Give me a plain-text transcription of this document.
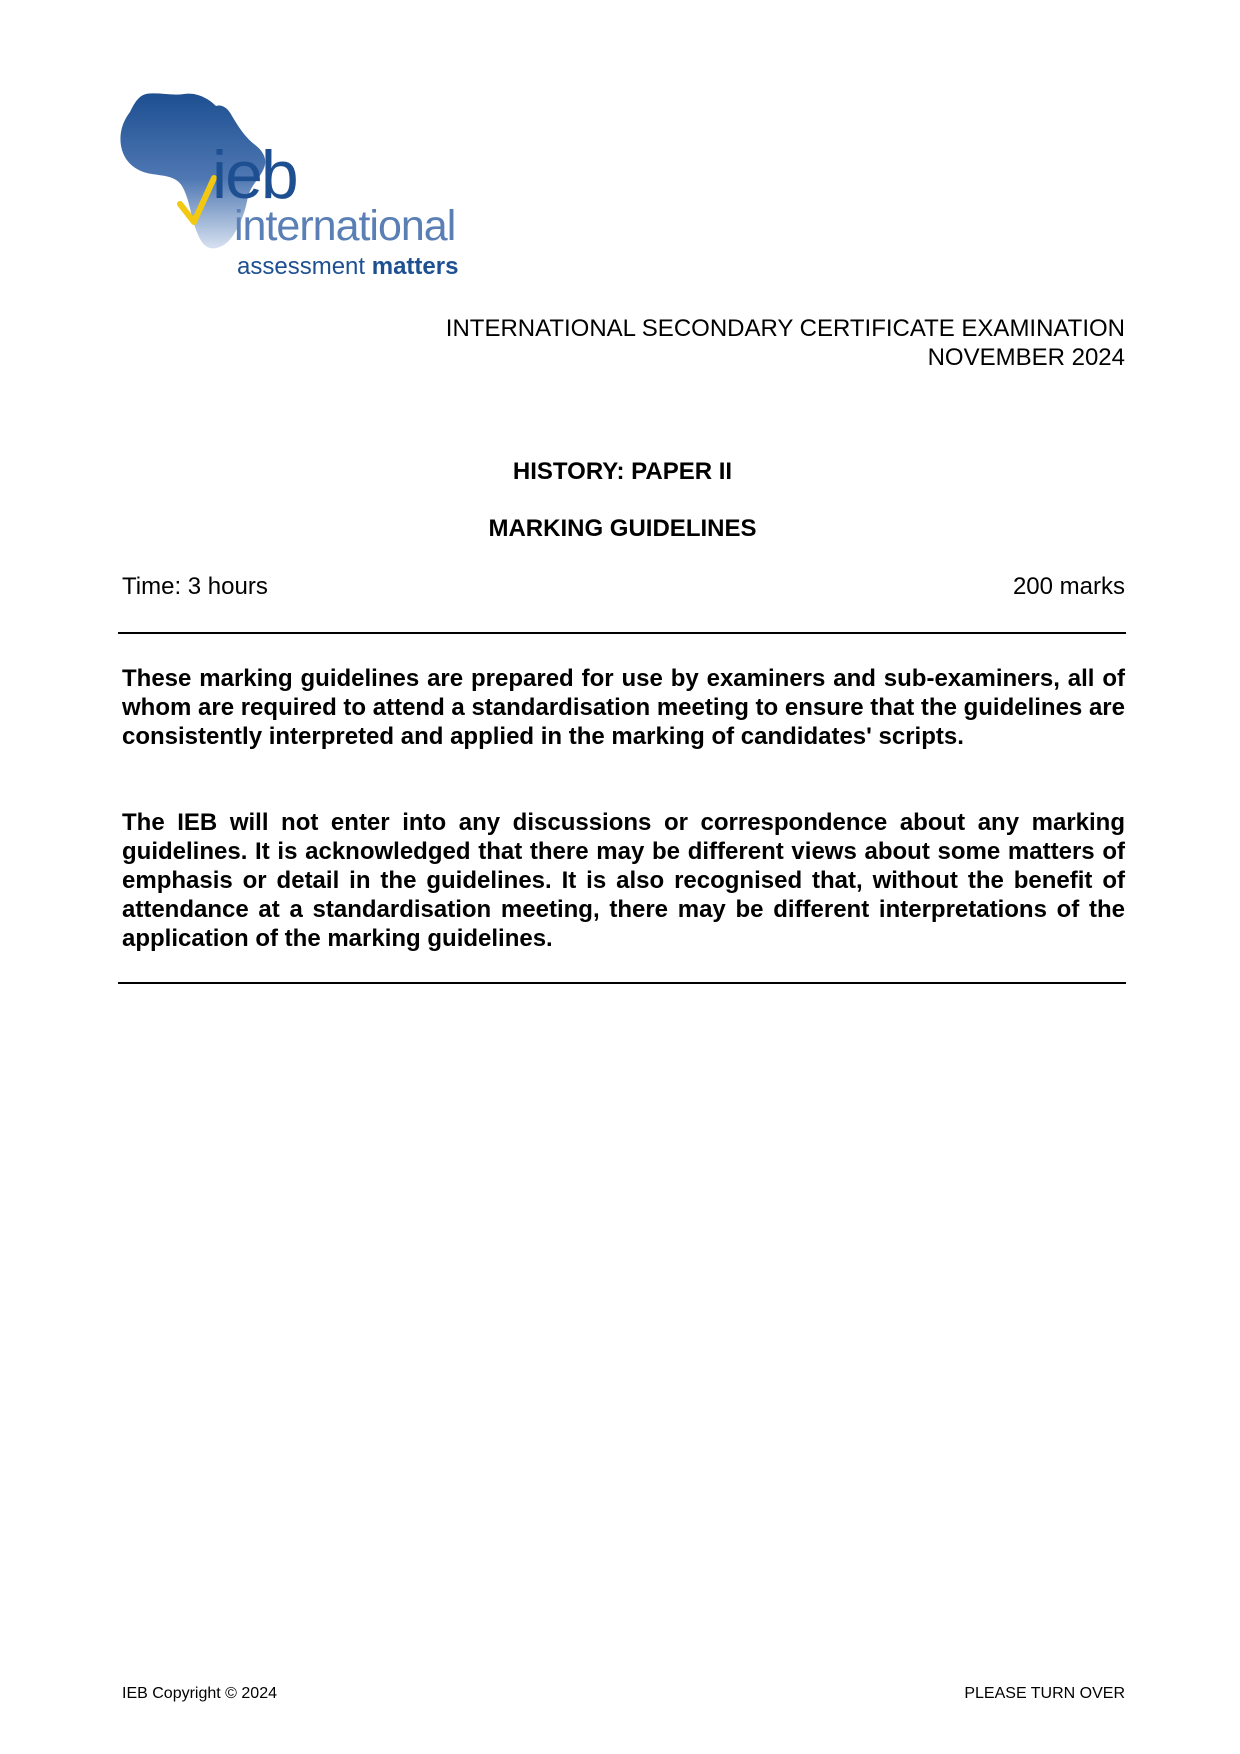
ieb
international
assessment matters
INTERNATIONAL SECONDARY CERTIFICATE EXAMINATION
NOVEMBER 2024
HISTORY: PAPER II
MARKING GUIDELINES
Time: 3 hours	200 marks

These marking guidelines are prepared for use by examiners and sub-examiners, all of whom are required to attend a standardisation meeting to ensure that the guidelines are consistently interpreted and applied in the marking of candidates' scripts.

The IEB will not enter into any discussions or correspondence about any marking guidelines. It is acknowledged that there may be different views about some matters of emphasis or detail in the guidelines. It is also recognised that, without the benefit of attendance at a standardisation meeting, there may be different interpretations of the application of the marking guidelines.

IEB Copyright © 2024	PLEASE TURN OVER
